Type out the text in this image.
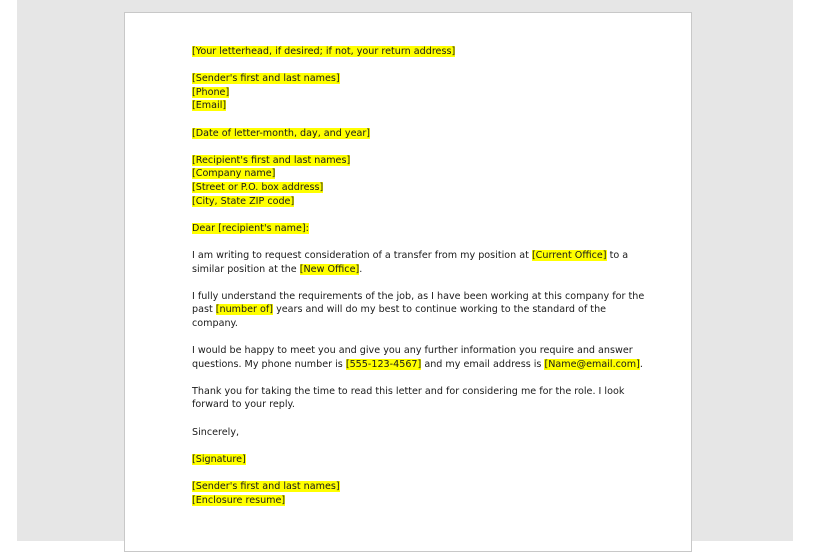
[Your letterhead, if desired; if not, your return address]
[Sender's first and last names]
[Phone]
[Email]
[Date of letter-month, day, and year]
[Recipient's first and last names]
[Company name]
[Street or P.O. box address]
[City, State ZIP code]
Dear [recipient's name]:
I am writing to request consideration of a transfer from my position at [Current Office] to a
similar position at the [New Office].
I fully understand the requirements of the job, as I have been working at this company for the
past [number of] years and will do my best to continue working to the standard of the
company.
I would be happy to meet you and give you any further information you require and answer
questions. My phone number is [555-123-4567] and my email address is [Name@email.com].
Thank you for taking the time to read this letter and for considering me for the role. I look
forward to your reply.
Sincerely,
[Signature]
[Sender's first and last names]
[Enclosure resume]
